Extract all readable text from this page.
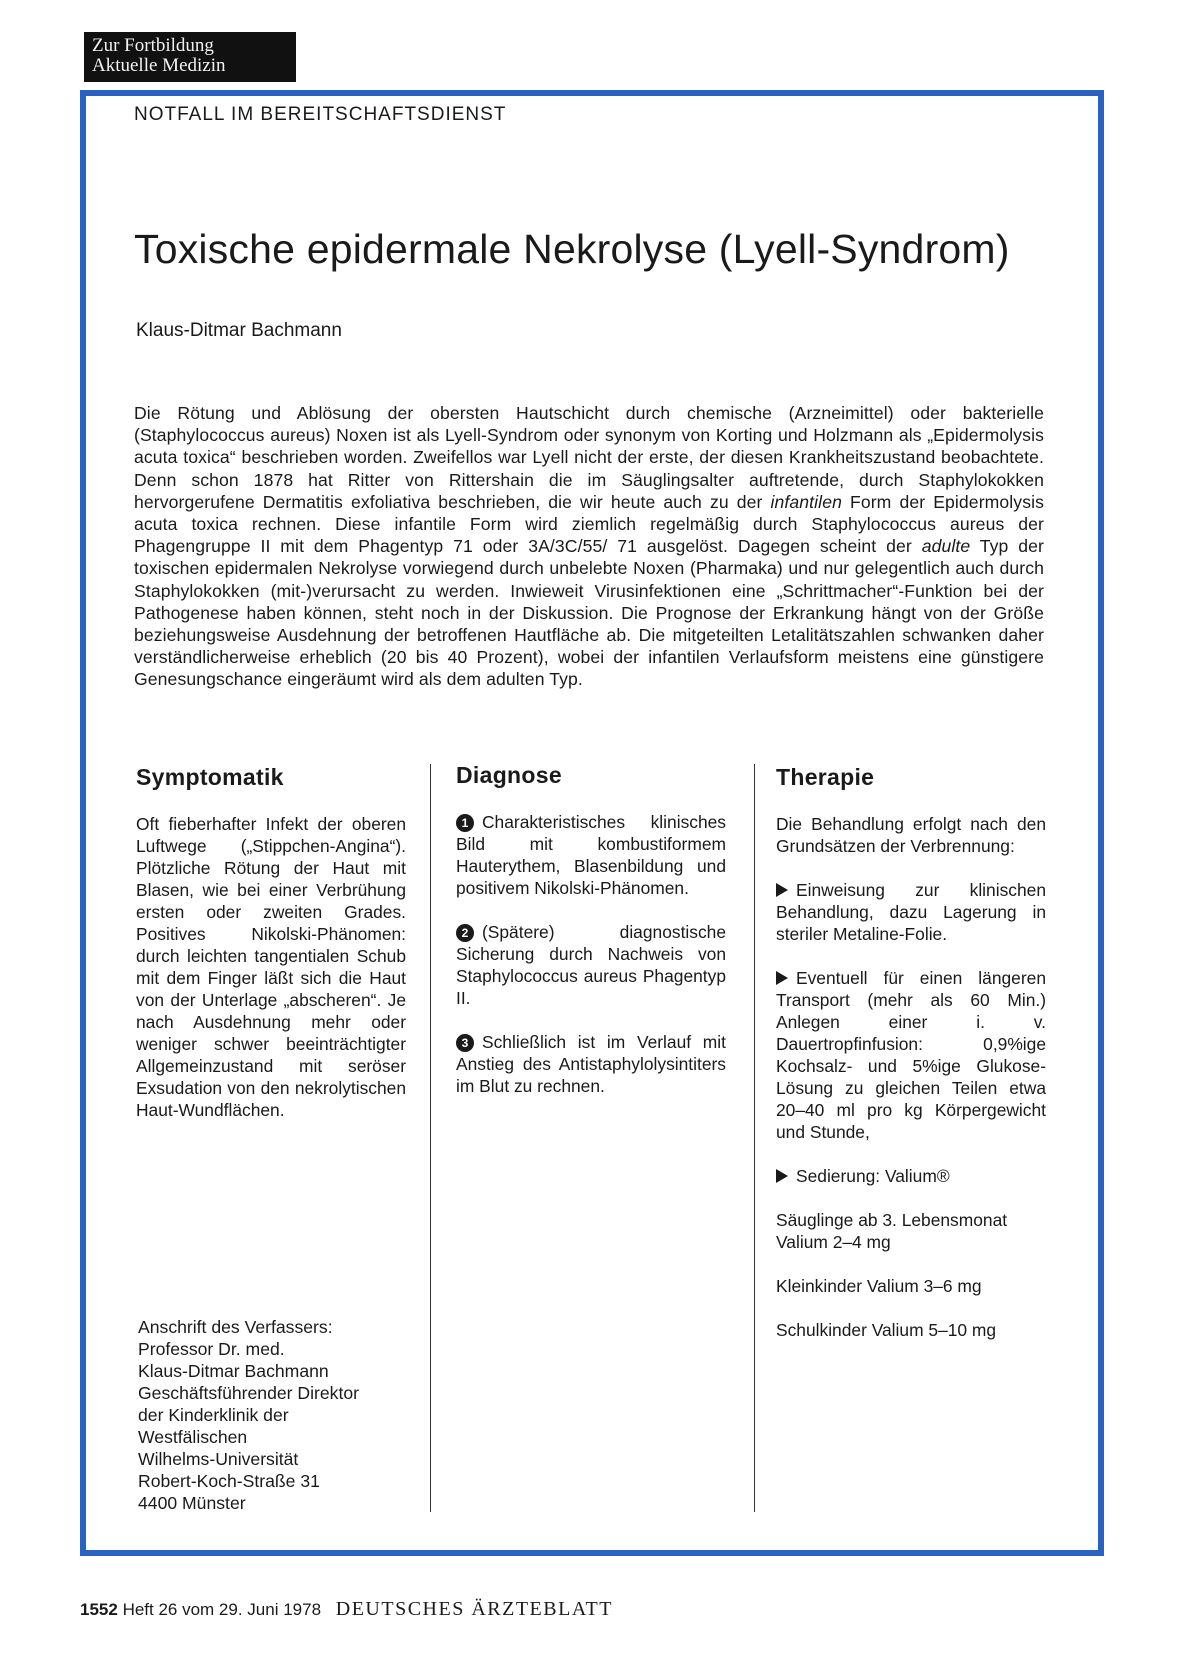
Zur Fortbildung
Aktuelle Medizin
NOTFALL IM BEREITSCHAFTSDIENST
Toxische epidermale Nekrolyse (Lyell-Syndrom)
Klaus-Ditmar Bachmann

Die Rötung und Ablösung der obersten Hautschicht durch chemische (Arzneimittel) oder bakterielle (Staphylococcus aureus) Noxen ist als Lyell-Syndrom oder synonym von Korting und Holzmann als „Epidermolysis acuta toxica“ beschrieben worden. Zweifellos war Lyell nicht der erste, der diesen Krankheitszustand beobachtete. Denn schon 1878 hat Ritter von Rittershain die im Säuglingsalter auftretende, durch Staphylokokken hervorgerufene Dermatitis exfoliativa beschrieben, die wir heute auch zu der infantilen Form der Epidermolysis acuta toxica rechnen. Diese infantile Form wird ziemlich regelmäßig durch Staphylococcus aureus der Phagengruppe II mit dem Phagentyp 71 oder 3A/3C/55/ 71 ausgelöst. Dagegen scheint der adulte Typ der toxischen epidermalen Nekrolyse vorwiegend durch unbelebte Noxen (Pharmaka) und nur gelegentlich auch durch Staphylokokken (mit-)verursacht zu werden. Inwieweit Virusinfektionen eine „Schrittmacher“-Funktion bei der Pathogenese haben können, steht noch in der Diskussion. Die Prognose der Erkrankung hängt von der Größe beziehungsweise Ausdehnung der betroffenen Hautfläche ab. Die mitgeteilten Letalitätszahlen schwanken daher verständlicherweise erheblich (20 bis 40 Prozent), wobei der infantilen Verlaufsform meistens eine günstigere Genesungschance eingeräumt wird als dem adulten Typ.

Symptomatik

Oft fieberhafter Infekt der oberen Luftwege („Stippchen-Angina“). Plötzliche Rötung der Haut mit Blasen, wie bei einer Verbrühung ersten oder zweiten Grades. Positives Nikolski-Phänomen: durch leichten tangentialen Schub mit dem Finger läßt sich die Haut von der Unterlage „abscheren“. Je nach Ausdehnung mehr oder weniger schwer beeinträchtigter Allgemeinzustand mit seröser Exsudation von den nekrolytischen Haut-Wundflächen.

Diagnose

1 Charakteristisches klinisches Bild mit kombustiformem Hauterythem, Blasenbildung und positivem Nikolski-Phänomen.

2 (Spätere) diagnostische Sicherung durch Nachweis von Staphylococcus aureus Phagentyp II.

3 Schließlich ist im Verlauf mit Anstieg des Antistaphylolysintiters im Blut zu rechnen.

Therapie

Die Behandlung erfolgt nach den Grundsätzen der Verbrennung:

Einweisung zur klinischen Behandlung, dazu Lagerung in steriler Metaline-Folie.

Eventuell für einen längeren Transport (mehr als 60 Min.) Anlegen einer i. v. Dauertropfinfusion: 0,9%ige Kochsalz- und 5%ige Glukose-Lösung zu gleichen Teilen etwa 20–40 ml pro kg Körpergewicht und Stunde,

Sedierung: Valium®

Säuglinge ab 3. Lebensmonat
Valium 2–4 mg

Kleinkinder Valium 3–6 mg

Schulkinder Valium 5–10 mg

Anschrift des Verfassers:
Professor Dr. med.
Klaus-Ditmar Bachmann
Geschäftsführender Direktor
der Kinderklinik der
Westfälischen
Wilhelms-Universität
Robert-Koch-Straße 31
4400 Münster
1552 Heft 26 vom 29. Juni 1978 DEUTSCHES ÄRZTEBLATT
